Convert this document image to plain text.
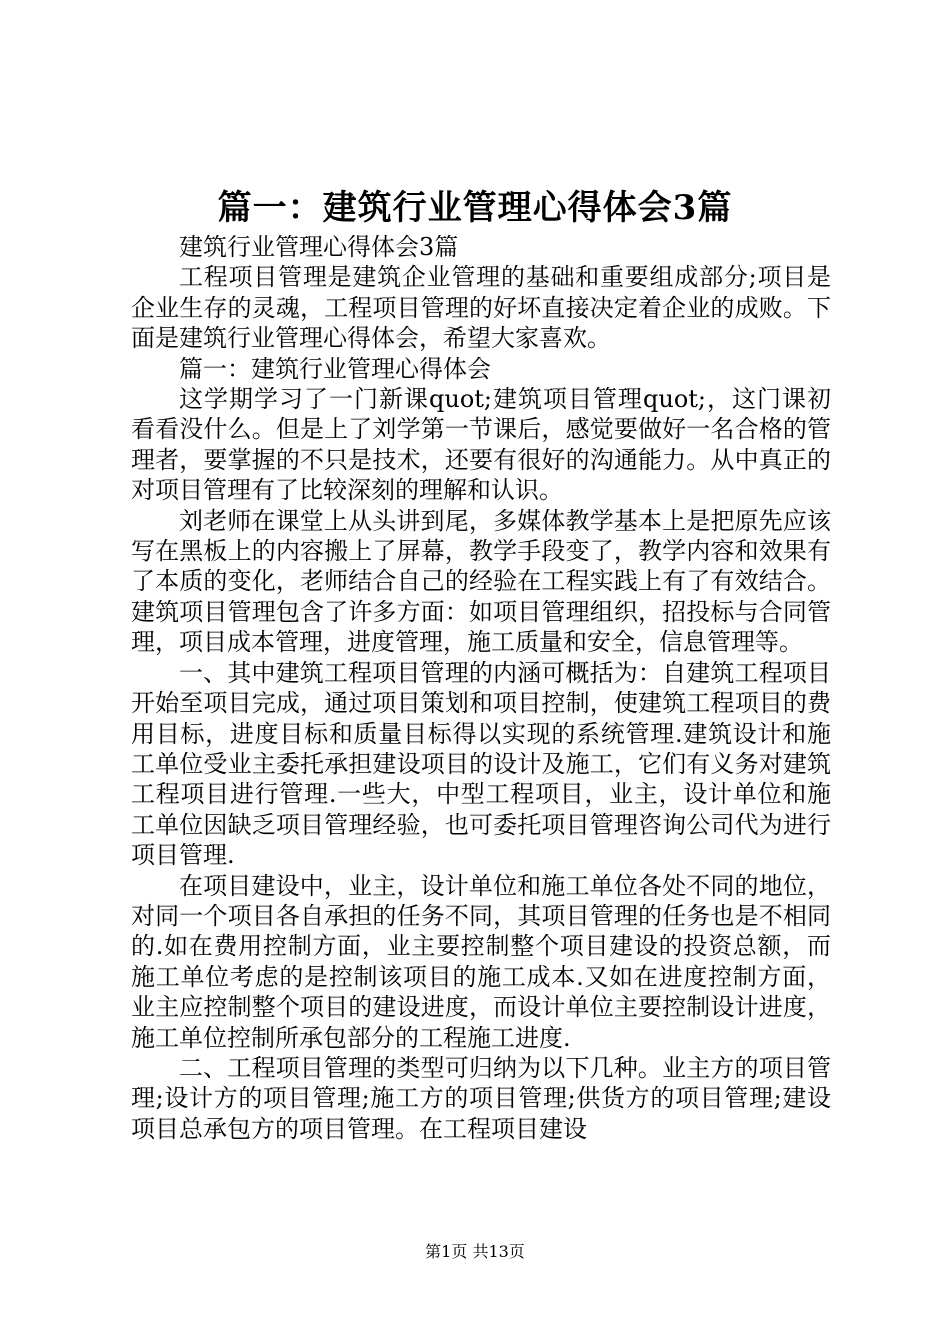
篇一：建筑行业管理心得体会3篇

建筑行业管理心得体会3篇

工程项目管理是建筑企业管理的基础和重要组成部分;项目是企业生存的灵魂，工程项目管理的好坏直接决定着企业的成败。下面是建筑行业管理心得体会，希望大家喜欢。

篇一：建筑行业管理心得体会

这学期学习了一门新课quot;建筑项目管理quot;，这门课初看看没什么。但是上了刘学第一节课后，感觉要做好一名合格的管理者，要掌握的不只是技术，还要有很好的沟通能力。从中真正的对项目管理有了比较深刻的理解和认识。

刘老师在课堂上从头讲到尾，多媒体教学基本上是把原先应该写在黑板上的内容搬上了屏幕，教学手段变了，教学内容和效果有了本质的变化，老师结合自己的经验在工程实践上有了有效结合。建筑项目管理包含了许多方面：如项目管理组织，招投标与合同管理，项目成本管理，进度管理，施工质量和安全，信息管理等。

一、其中建筑工程项目管理的内涵可概括为：自建筑工程项目开始至项目完成，通过项目策划和项目控制，使建筑工程项目的费用目标，进度目标和质量目标得以实现的系统管理.建筑设计和施工单位受业主委托承担建设项目的设计及施工，它们有义务对建筑工程项目进行管理.一些大，中型工程项目，业主，设计单位和施工单位因缺乏项目管理经验，也可委托项目管理咨询公司代为进行项目管理.

在项目建设中，业主，设计单位和施工单位各处不同的地位，对同一个项目各自承担的任务不同，其项目管理的任务也是不相同的.如在费用控制方面，业主要控制整个项目建设的投资总额，而施工单位考虑的是控制该项目的施工成本.又如在进度控制方面，业主应控制整个项目的建设进度，而设计单位主要控制设计进度，施工单位控制所承包部分的工程施工进度.

二、工程项目管理的类型可归纳为以下几种。业主方的项目管理;设计方的项目管理;施工方的项目管理;供货方的项目管理;建设项目总承包方的项目管理。在工程项目建设

第1页 共13页
